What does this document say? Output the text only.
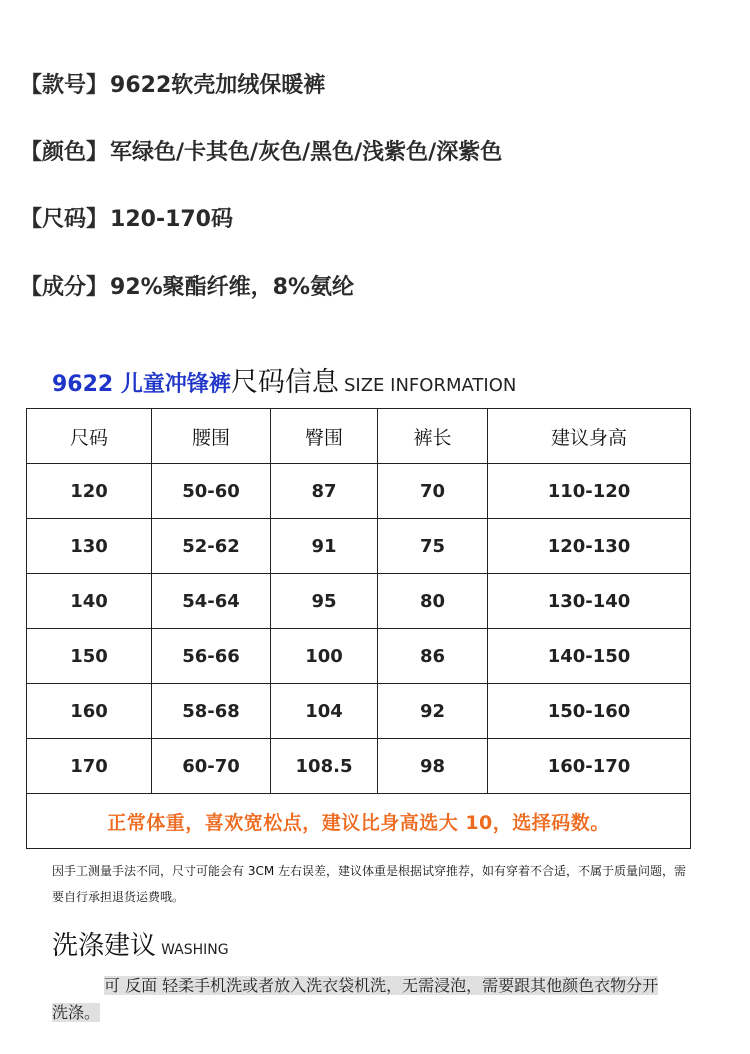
【款号】9622软壳加绒保暖裤
【颜色】军绿色/卡其色/灰色/黑色/浅紫色/深紫色
【尺码】120-170码
【成分】92%聚酯纤维，8%氨纶
9622 儿童冲锋裤尺码信息 SIZE INFORMATION
尺码	腰围	臀围	裤长	建议身高
120	50-60	87	70	110-120
130	52-62	91	75	120-130
140	54-64	95	80	130-140
150	56-66	100	86	140-150
160	58-68	104	92	150-160
170	60-70	108.5	98	160-170
正常体重，喜欢宽松点，建议比身高选大 10，选择码数。				
因手工测量手法不同，尺寸可能会有 3CM 左右误差，建议体重是根据试穿推荐，如有穿着不合适，不属于质量问题，需要自行承担退货运费哦。
洗涤建议 WASHING
可 反面 轻柔手机洗或者放入洗衣袋机洗，无需浸泡，需要跟其他颜色衣物分开洗涤。
